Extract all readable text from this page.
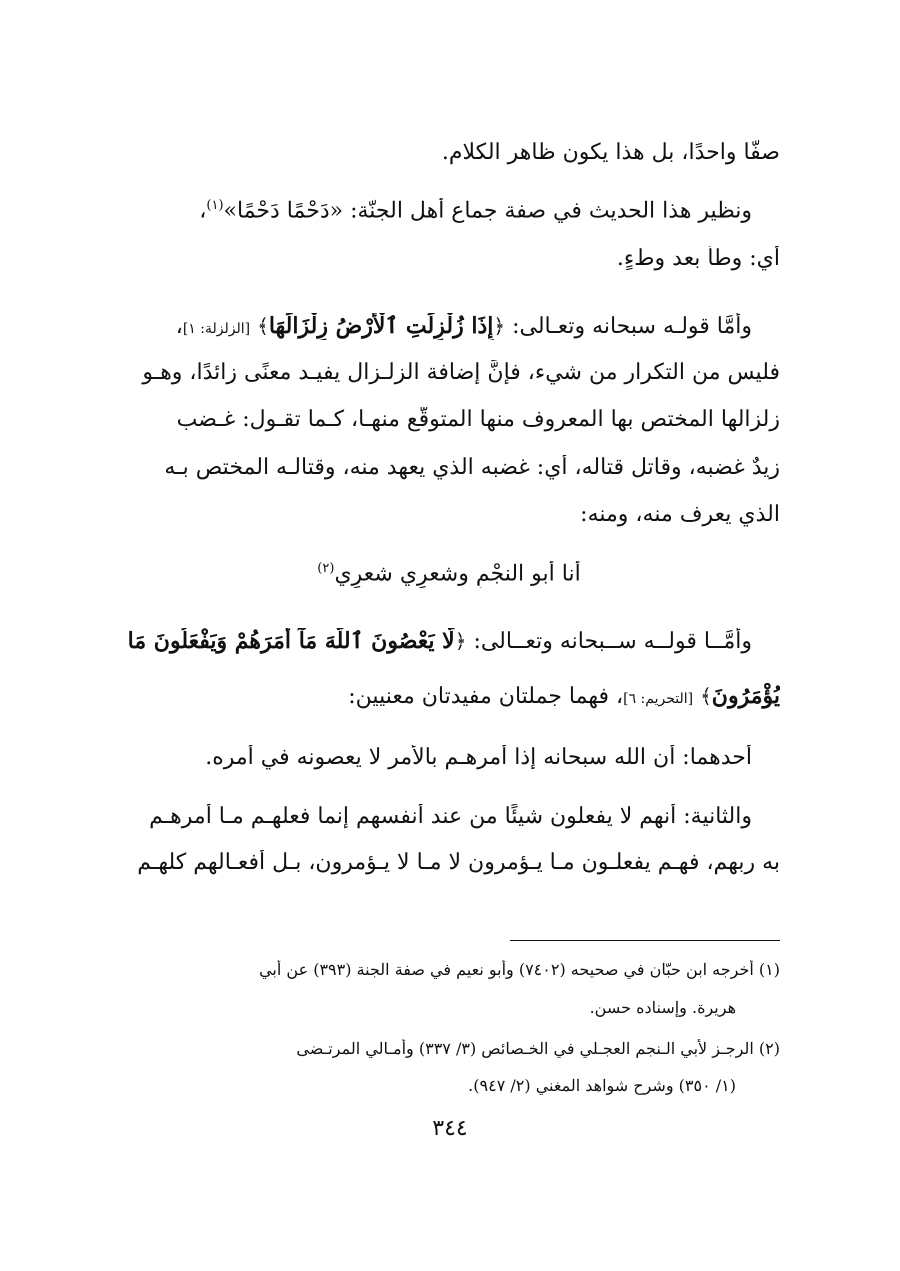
صفًّا واحدًا، بل هذا يكون ظاهر الكلام.
ونظير هذا الحديث في صفة جماع أهل الجنّة: «دَحْمًا دَحْمًا»$^{(١)}$،
أي: وطأً بعد وطءٍ.
وأمَّا قولـه سبحانه وتعـالى: ﴿إِذَا زُلْزِلَتِ ٱلْأَرْضُ زِلْزَالَهَا﴾ [الزلزلة: ١]،
فليس من التكرار من شيء، فإنَّ إضافة الزلـزال يفيـد معنًى زائدًا، وهـو
زلزالها المختص بها المعروف منها المتوقَّع منهـا، كـما تقـول: غـضب
زيدٌ غضبه، وقاتل قتاله، أي: غضبه الذي يعهد منه، وقتالـه المختص بـه
الذي يعرف منه، ومنه:
أنا أبو النجْمِ وشعرِي شعرِي$^{(٢)}$
وأمَّــا قولــه ســبحانه وتعــالى: ﴿لَّا يَعْصُونَ ٱللَّهَ مَآ أَمَرَهُمْ وَيَفْعَلُونَ مَا
يُؤْمَرُونَ﴾ [التحريم: ٦]، فهما جملتان مفيدتان معنيين:
أحدهما: أن الله سبحانه إذا أمرهـم بالأمر لا يعصونه في أمره.
والثانية: أنهم لا يفعلون شيئًا من عند أنفسهم إنما فعلهـم مـا أمرهـم
به ربهم، فهـم يفعلـون مـا يـؤمرون لا مـا لا يـؤمرون، بـل أفعـالهم كلهـم
(١) أخرجه ابن حبّان في صحيحه (٧٤٠٢) وأبو نعيم في صفة الجنة (٣٩٣) عن أبي
هريرة. وإسناده حسن.
(٢) الرجـز لأبي الـنجم العجـلي في الخـصائص (٣/ ٣٣٧) وأمـالي المرتـضى
(١/ ٣٥٠) وشرح شواهد المغني (٢/ ٩٤٧).
٣٤٤
